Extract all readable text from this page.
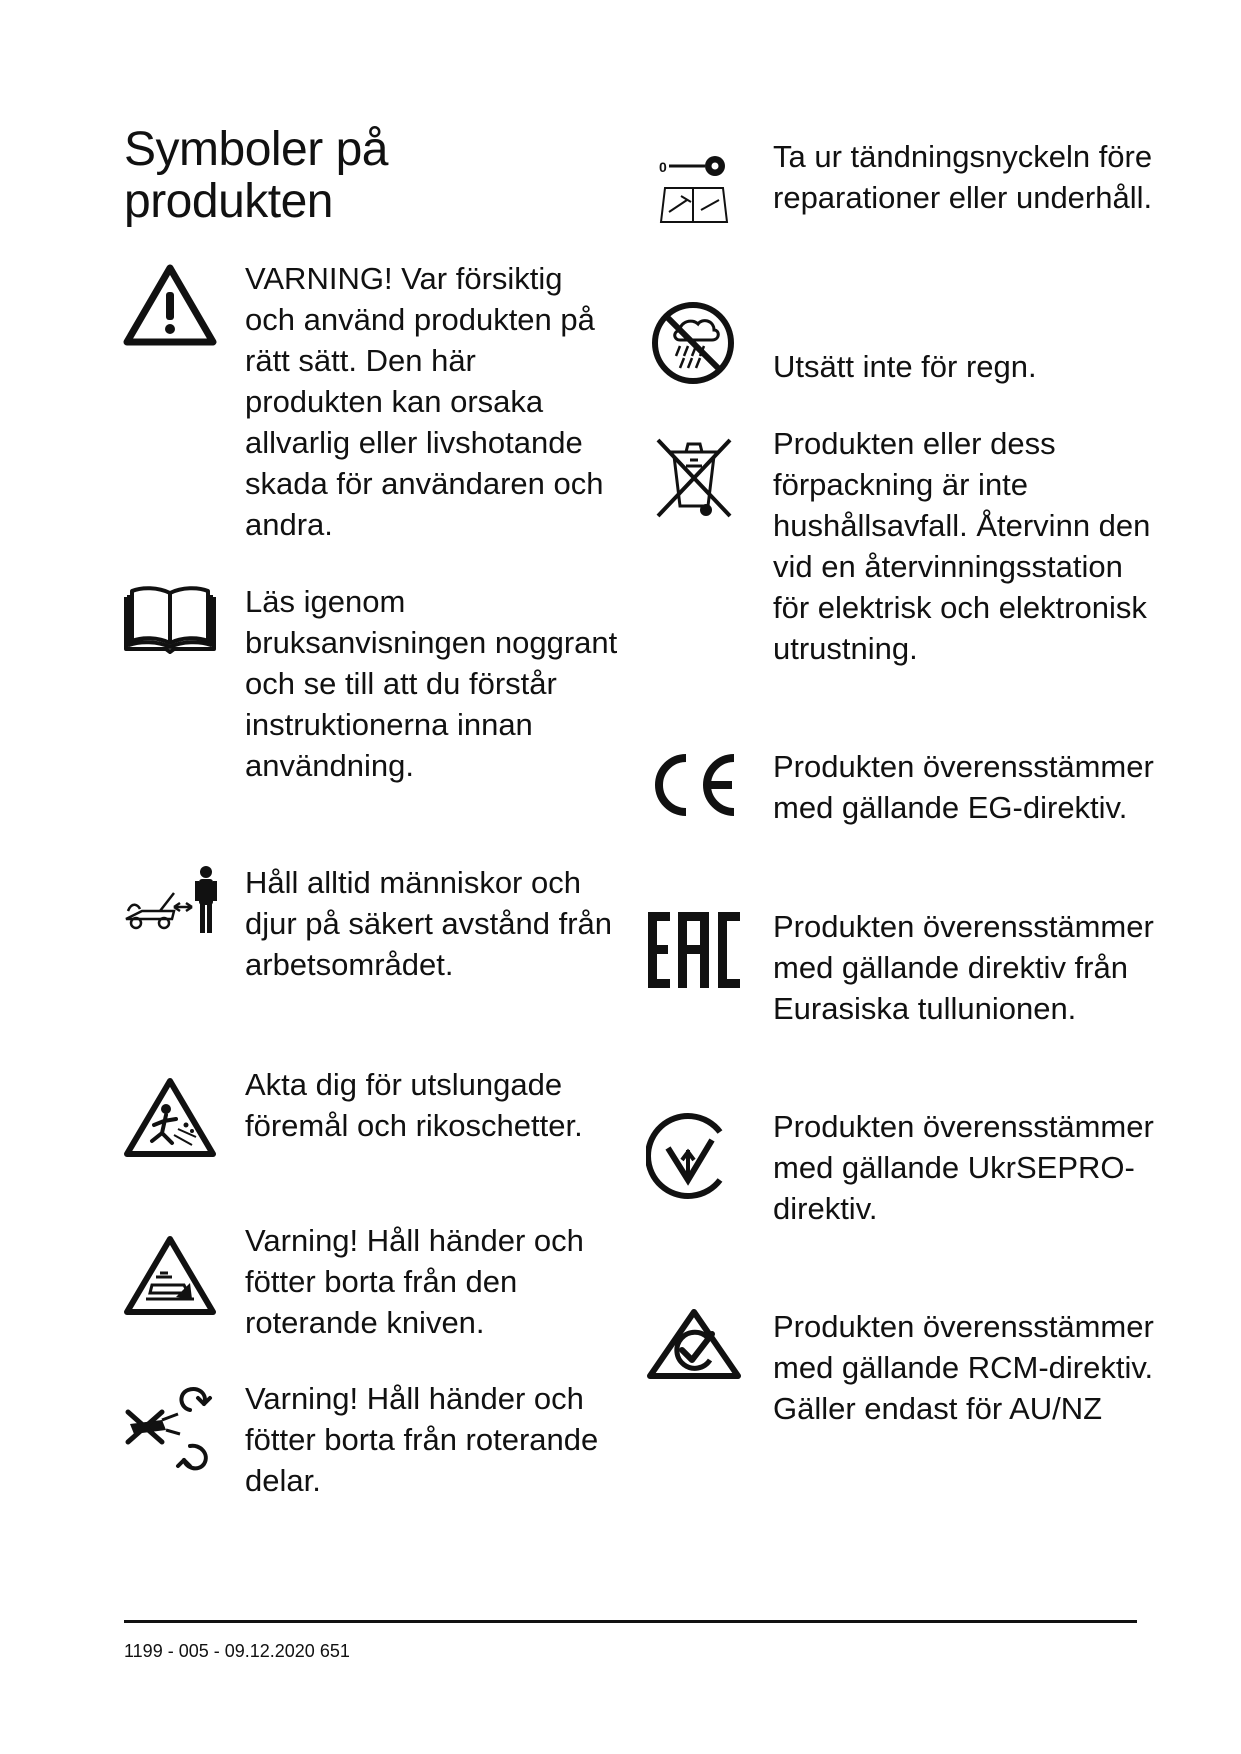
Symboler på produkten
VARNING! Var försiktig och använd produkten på rätt sätt. Den här produkten kan orsaka allvarlig eller livshotande skada för användaren och andra.
Läs igenom bruksanvisningen noggrant och se till att du förstår instruktionerna innan användning.
Håll alltid människor och djur på säkert avstånd från arbetsområdet.
Akta dig för utslungade föremål och rikoschetter.
Varning! Håll händer och fötter borta från den roterande kniven.
Varning! Håll händer och fötter borta från roterande delar.
0	Ta ur tändningsnyckeln före reparationer eller underhåll.
Utsätt inte för regn.
Produkten eller dess förpackning är inte hushållsavfall. Återvinn den vid en återvinningsstation för elektrisk och elektronisk utrustning.
Produkten överensstämmer med gällande EG-direktiv.
Produkten överensstämmer med gällande direktiv från Eurasiska tullunionen.
Produkten överensstämmer med gällande UkrSEPRO-direktiv.
Produkten överensstämmer med gällande RCM-direktiv. Gäller endast för AU/NZ
1199 - 005 - 09.12.2020 651
